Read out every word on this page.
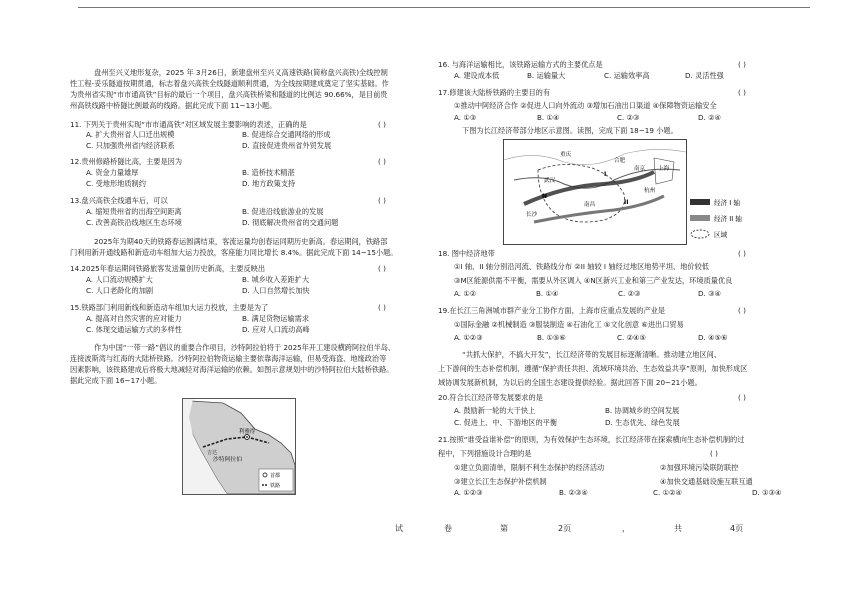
盘州至兴义地形复杂，2025 年 3月26日，新建盘州至兴义高速铁路(简称盘兴高铁)全线控制
性工程-妥乐隧道按期贯通，标志着盘兴高铁全线隧道顺利贯通，为全线按期建成奠定了坚实基础。作
为贵州省实现“市市通高铁”目标的最后一个项目，盘兴高铁桥梁和隧道的比例达 90.66%，是目前贵
州高铁线路中桥隧比例最高的线路。据此完成下面 11~13小题。
11. 下列关于贵州实现“市市通高铁”对区域发展主要影响的表述，正确的是	( )
A. 扩大贵州省人口迁出规模	B. 促进综合交通网络的形成
C. 只加强贵州省内经济联系	D. 直接促进贵州省外贸发展
12.贵州修路桥隧比高，主要是因为	( )
A. 资金力量雄厚	B. 造桥技术精湛
C. 受地形地质制约	D. 地方政策支持
13.盘兴高铁全线通车后，可以	( )
A. 缩短贵州省的出海空间距离	B. 促进沿线旅游业的发展
C. 改善高铁沿线地区生态环境	D. 彻底解决贵州省的交通问题
2025年为期40天的铁路春运圆满结束，客流运量均创春运同期历史新高。春运期间，铁路部
门利用新开通线路和新造动车组加大运力投放，客座能力同比增长 8.4%。据此完成下面 14~15小题。
14.2025年春运期间铁路旅客发送量创历史新高，主要反映出	( )
A. 人口流动规模扩大	B. 城乡收入差距扩大
C. 人口老龄化的加剧	D. 人口自然增长加快
15.铁路部门利用新线和新造动车组加大运力投放，主要是为了	( )
A. 提高对自然灾害的应对能力	B. 满足货物运输需求
C. 体现交通运输方式的多样性	D. 应对人口流动高峰
作为中国“一带一路”倡议的重要合作项目，沙特阿拉伯将于 2025年开工建设横跨阿拉伯半岛、
连接波斯湾与红海的大陆桥铁路。沙特阿拉伯物资运输主要依靠海洋运输，但易受海盗、地缘政治等
因素影响，该铁路建成后将极大地减轻对海洋运输的依赖。如图示意规划中的沙特阿拉伯大陆桥铁路。
据此完成下面 16~17小题。
沙特阿拉伯
利雅得
吉达
首都
铁路
16. 与海洋运输相比，该铁路运输方式的主要优点是	( )
A. 建设成本低	B. 运输量大	C. 运输效率高	D. 灵活性强
17.修建该大陆桥铁路的主要目的有	( )
①推动中阿经济合作 ②促进人口向外流动 ③增加石油出口渠道 ④保障物资运输安全
A. ①③	B. ①④	C. ②③	D. ②④
下图为长江经济带部分地区示意图。读图，完成下面 18~19 小题。
重庆
武汉
合肥
南京 上海
长沙
南昌
杭州
I
II
N
经济 I 轴
经济 II 轴
区域
18. 图中经济地带	( )
①I 轴、II 轴分别沿河流、铁路线分布 ②II 轴较 I 轴经过地区地势平坦、地价较低
③M区能源供需不平衡，需要从外区调入 ④N区新兴工业和第三产业发达，环境质量优良
A. ①②	B. ①④	C. ②③	D. ③④
19.在长江三角洲城市群产业分工协作方面，上海市应重点发展的产业是	( )
①国际金融 ②机械制造 ③服装制造 ④石油化工 ⑤文化创意 ⑥进出口贸易
A. ①②③	B. ①⑤⑥	C. ②④⑤	D. ④⑤⑥
“共抓大保护，不搞大开发”，长江经济带的发展目标逐渐清晰。推动建立地区间、
上下游间的生态补偿机制，遵循“保护责任共担、流域环境共治、生态效益共享”原则，加快形成区
域协调发展新机制，为以后的全国生态建设提供经验。据此回答下面 20~21小题。
20.符合长江经济带发展要求的是	( )
A. 鼓励新一轮的大干快上	B. 协调城乡的空间发展
C. 促进上、中、下游地区的平衡	D. 生态优先、绿色发展
21.按照“谁受益谁补偿”的原则，为有效保护生态环境，长江经济带在探索横向生态补偿机制的过
程中，下列措施设计合理的是	( )
①建立负面清单，限制不利生态保护的经济活动	②加强环境污染联防联控
③建立长江生态保护补偿机制	④加快交通基础设施互联互通
A. ①②③	B. ②③④	C. ①②④	D. ①③④
试	卷	第	2页	，	共	4页
